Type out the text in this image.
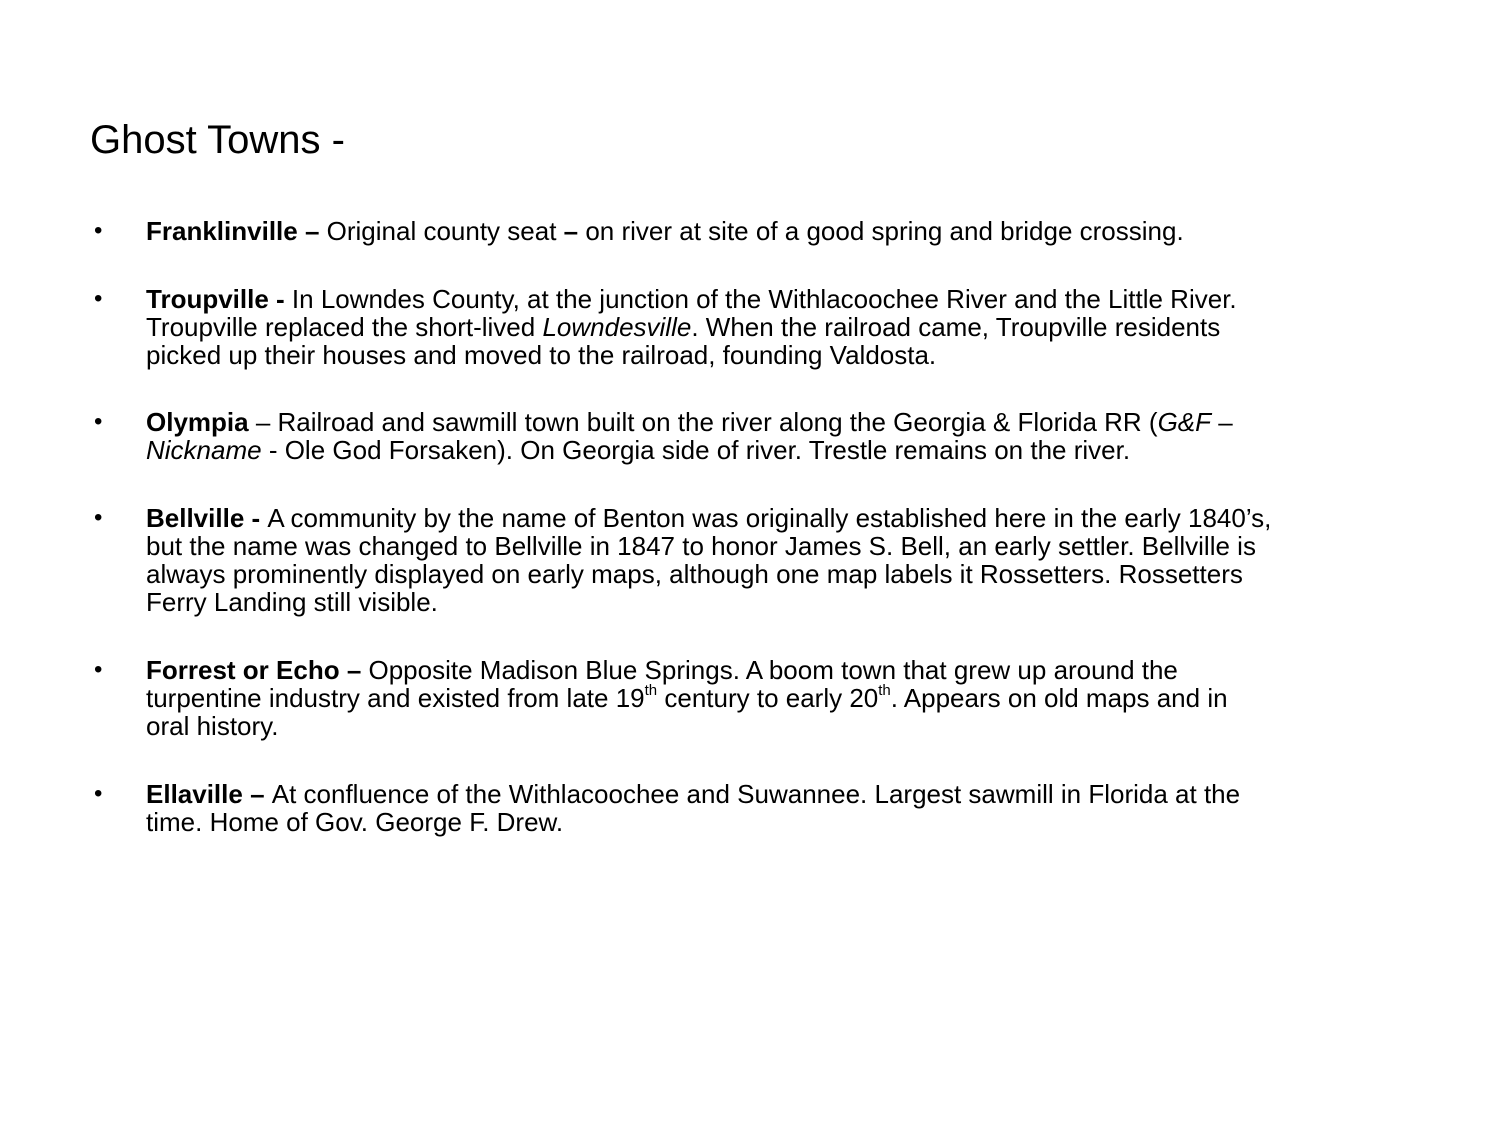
Ghost Towns -
• Franklinville – Original county seat – on river at site of a good spring and bridge crossing.
• Troupville - In Lowndes County, at the junction of the Withlacoochee River and the Little River.
Troupville replaced the short-lived Lowndesville. When the railroad came, Troupville residents
picked up their houses and moved to the railroad, founding Valdosta.
• Olympia – Railroad and sawmill town built on the river along the Georgia & Florida RR (G&F –
Nickname - Ole God Forsaken). On Georgia side of river. Trestle remains on the river.
• Bellville - A community by the name of Benton was originally established here in the early 1840’s,
but the name was changed to Bellville in 1847 to honor James S. Bell, an early settler. Bellville is
always prominently displayed on early maps, although one map labels it Rossetters. Rossetters
Ferry Landing still visible.
• Forrest or Echo – Opposite Madison Blue Springs. A boom town that grew up around the
turpentine industry and existed from late 19th century to early 20th. Appears on old maps and in
oral history.
• Ellaville – At confluence of the Withlacoochee and Suwannee. Largest sawmill in Florida at the
time. Home of Gov. George F. Drew.
